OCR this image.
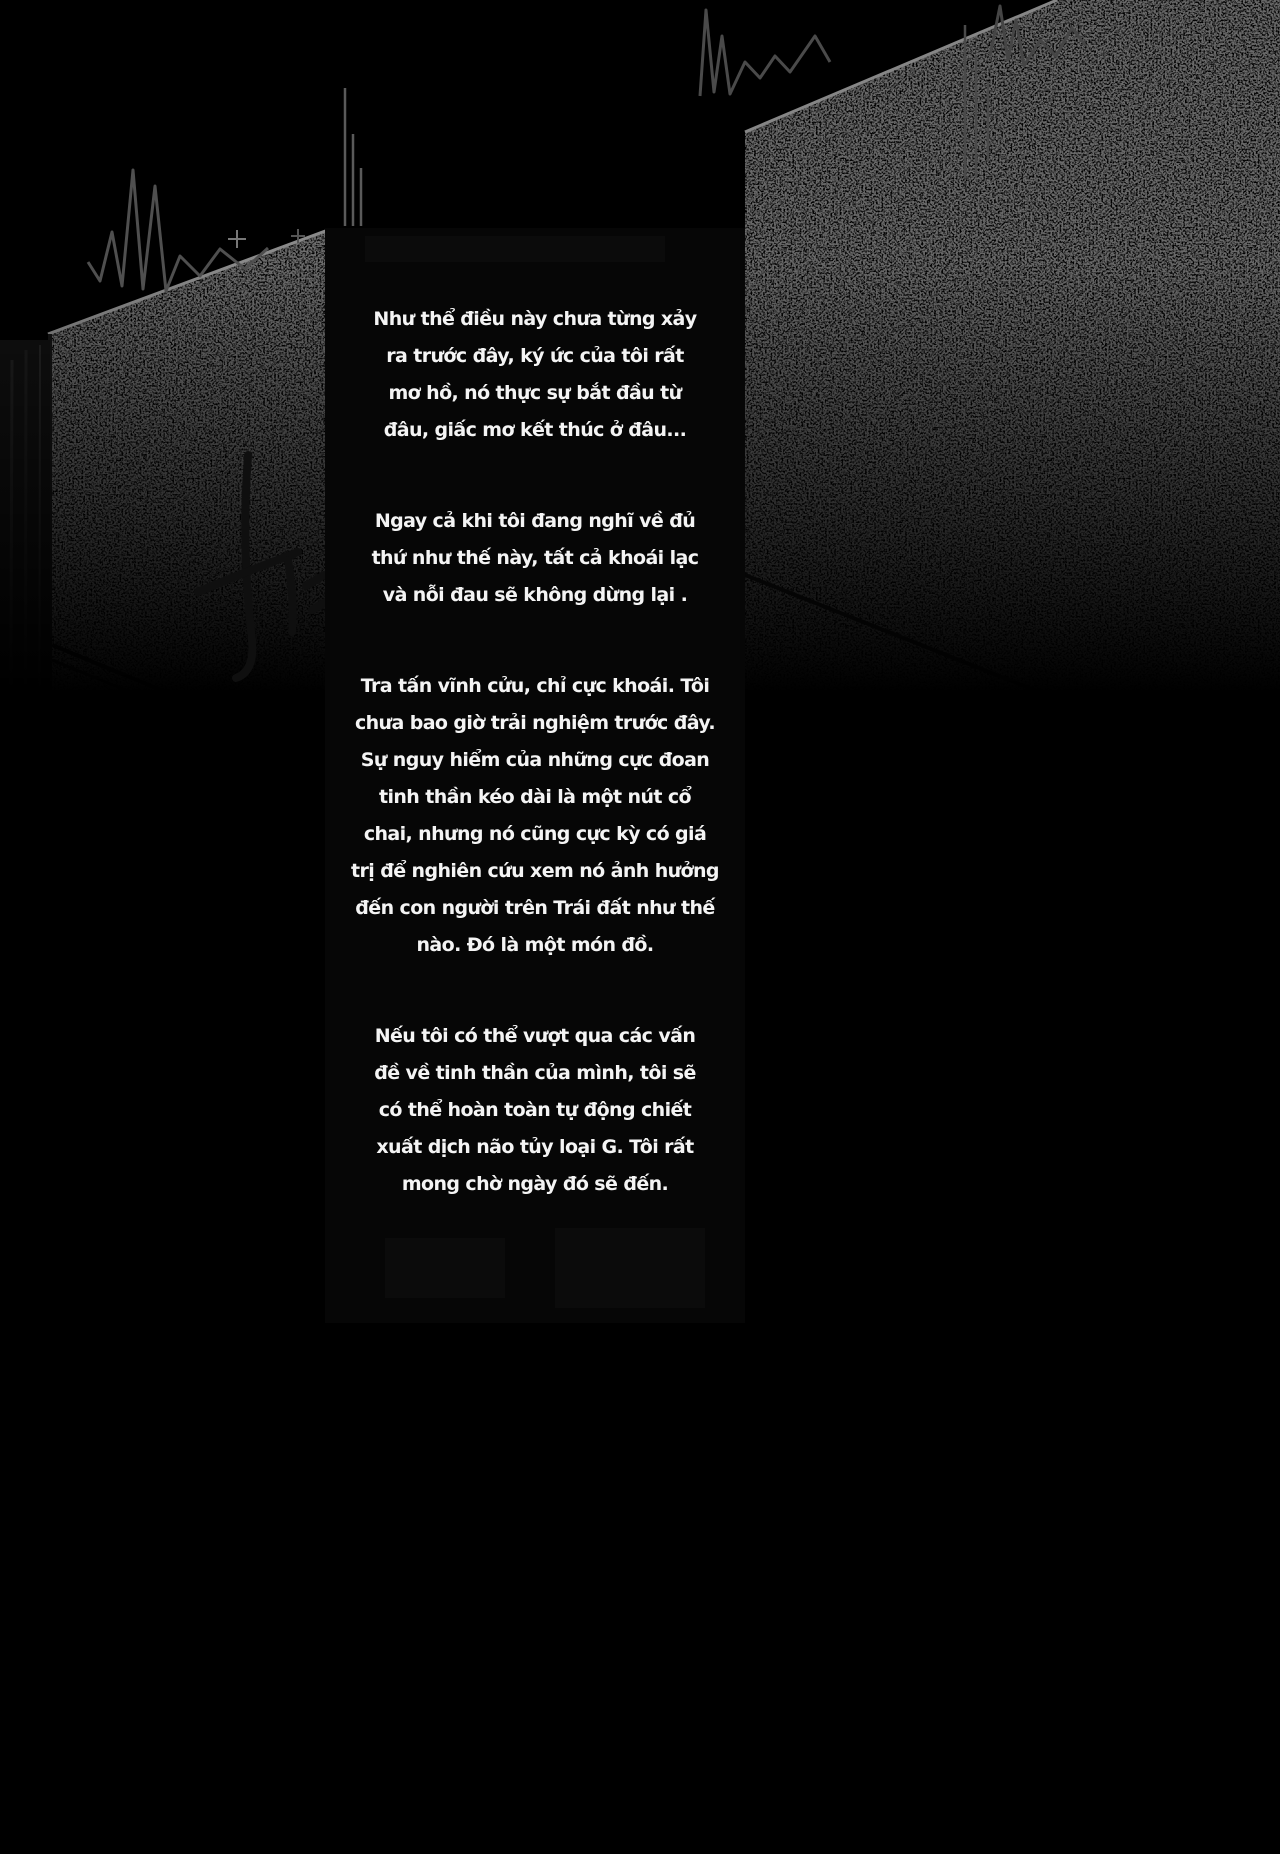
Như thể điều này chưa từng xảy
ra trước đây, ký ức của tôi rất
mơ hồ, nó thực sự bắt đầu từ
đâu, giấc mơ kết thúc ở đâu...
Ngay cả khi tôi đang nghĩ về đủ
thứ như thế này, tất cả khoái lạc
và nỗi đau sẽ không dừng lại .
Tra tấn vĩnh cửu, chỉ cực khoái. Tôi
chưa bao giờ trải nghiệm trước đây.
Sự nguy hiểm của những cực đoan
tinh thần kéo dài là một nút cổ
chai, nhưng nó cũng cực kỳ có giá
trị để nghiên cứu xem nó ảnh hưởng
đến con người trên Trái đất như thế
nào. Đó là một món đồ.
Nếu tôi có thể vượt qua các vấn
đề về tinh thần của mình, tôi sẽ
có thể hoàn toàn tự động chiết
xuất dịch não tủy loại G. Tôi rất
mong chờ ngày đó sẽ đến.
